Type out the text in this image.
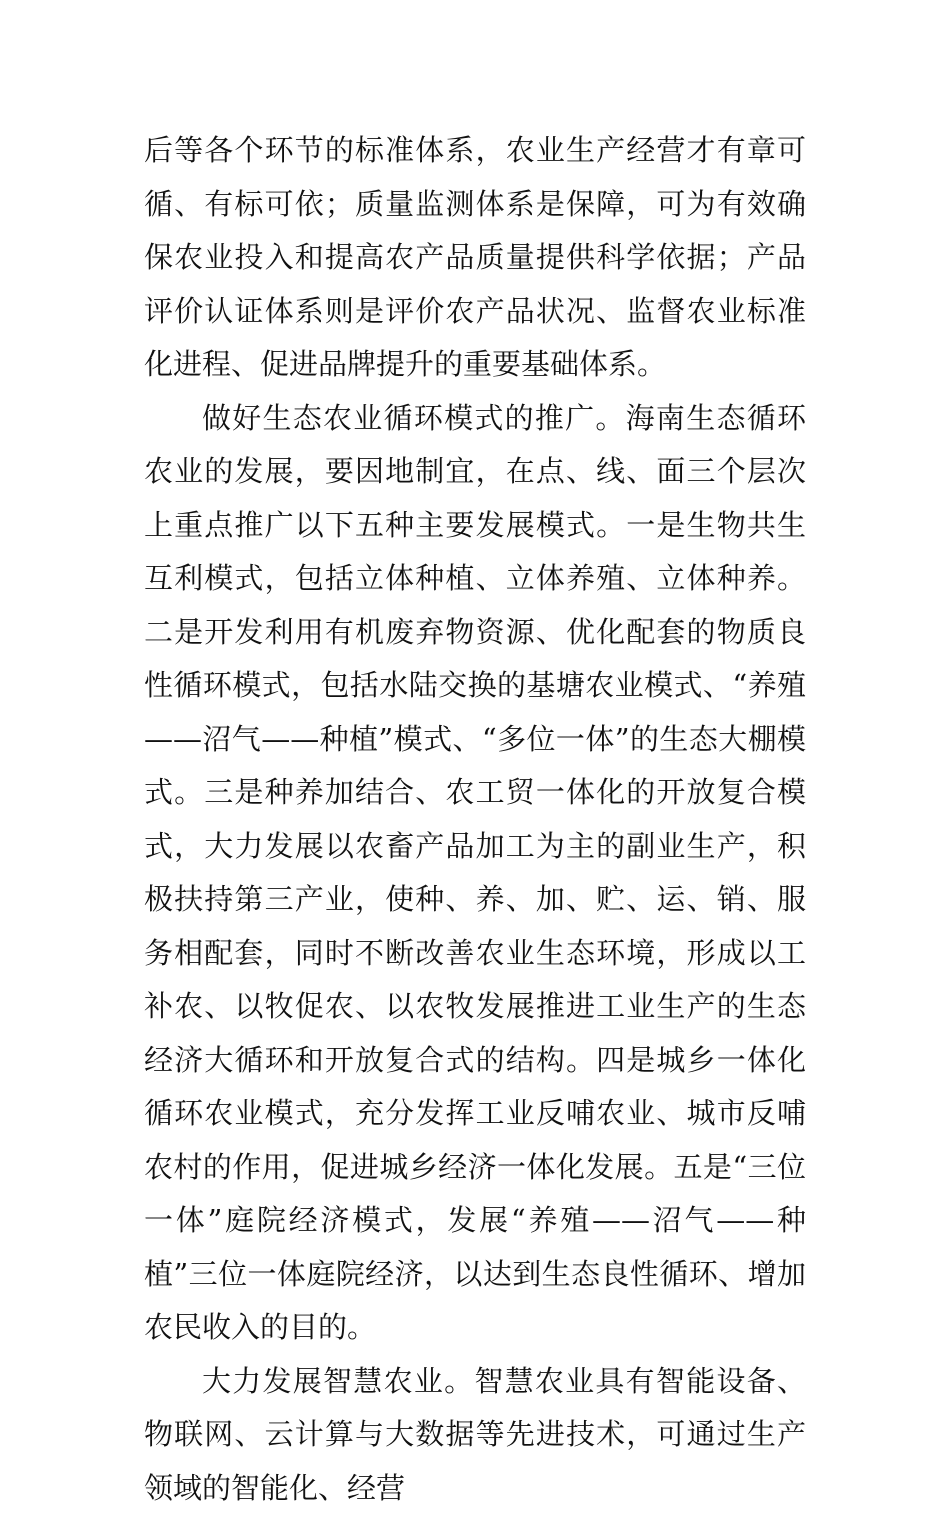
后等各个环节的标准体系，农业生产经营才有章可循、有标可依；质量监测体系是保障，可为有效确保农业投入和提高农产品质量提供科学依据；产品评价认证体系则是评价农产品状况、监督农业标准化进程、促进品牌提升的重要基础体系。

做好生态农业循环模式的推广。海南生态循环农业的发展，要因地制宜，在点、线、面三个层次上重点推广以下五种主要发展模式。一是生物共生互利模式，包括立体种植、立体养殖、立体种养。二是开发利用有机废弃物资源、优化配套的物质良性循环模式，包括水陆交换的基塘农业模式、“养殖——沼气——种植”模式、“多位一体”的生态大棚模式。三是种养加结合、农工贸一体化的开放复合模式，大力发展以农畜产品加工为主的副业生产，积极扶持第三产业，使种、养、加、贮、运、销、服务相配套，同时不断改善农业生态环境，形成以工补农、以牧促农、以农牧发展推进工业生产的生态经济大循环和开放复合式的结构。四是城乡一体化循环农业模式，充分发挥工业反哺农业、城市反哺农村的作用，促进城乡经济一体化发展。五是“三位一体”庭院经济模式，发展“养殖——沼气——种植”三位一体庭院经济，以达到生态良性循环、增加农民收入的目的。

大力发展智慧农业。智慧农业具有智能设备、物联网、云计算与大数据等先进技术，可通过生产领域的智能化、经营
